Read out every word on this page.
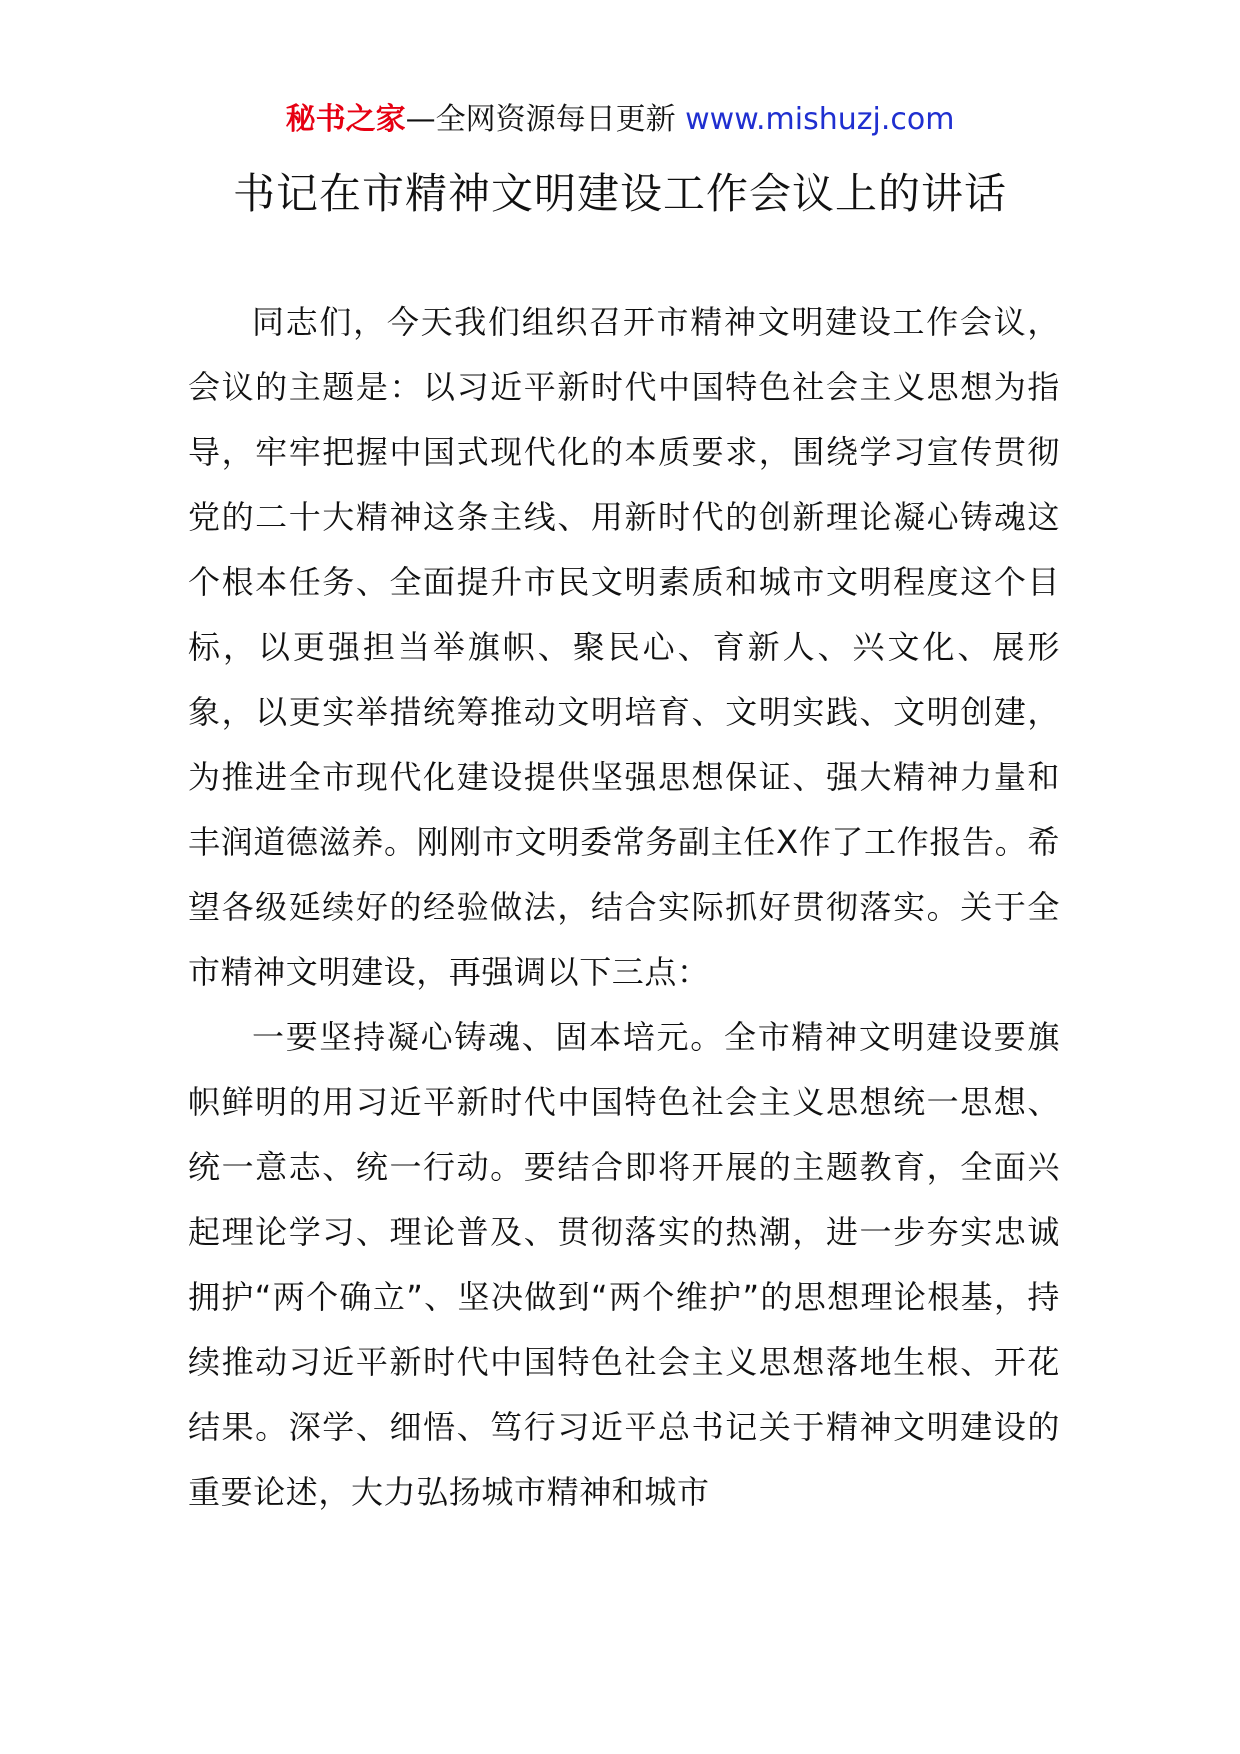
秘书之家—全网资源每日更新 www.mishuzj.com
书记在市精神文明建设工作会议上的讲话

同志们，今天我们组织召开市精神文明建设工作会议，会议的主题是：以习近平新时代中国特色社会主义思想为指导，牢牢把握中国式现代化的本质要求，围绕学习宣传贯彻党的二十大精神这条主线、用新时代的创新理论凝心铸魂这个根本任务、全面提升市民文明素质和城市文明程度这个目标，以更强担当举旗帜、聚民心、育新人、兴文化、展形象，以更实举措统筹推动文明培育、文明实践、文明创建，为推进全市现代化建设提供坚强思想保证、强大精神力量和丰润道德滋养。刚刚市文明委常务副主任X作了工作报告。希望各级延续好的经验做法，结合实际抓好贯彻落实。关于全市精神文明建设，再强调以下三点：

一要坚持凝心铸魂、固本培元。全市精神文明建设要旗帜鲜明的用习近平新时代中国特色社会主义思想统一思想、统一意志、统一行动。要结合即将开展的主题教育，全面兴起理论学习、理论普及、贯彻落实的热潮，进一步夯实忠诚拥护“两个确立”、坚决做到“两个维护”的思想理论根基，持续推动习近平新时代中国特色社会主义思想落地生根、开花结果。深学、细悟、笃行习近平总书记关于精神文明建设的重要论述，大力弘扬城市精神和城市
